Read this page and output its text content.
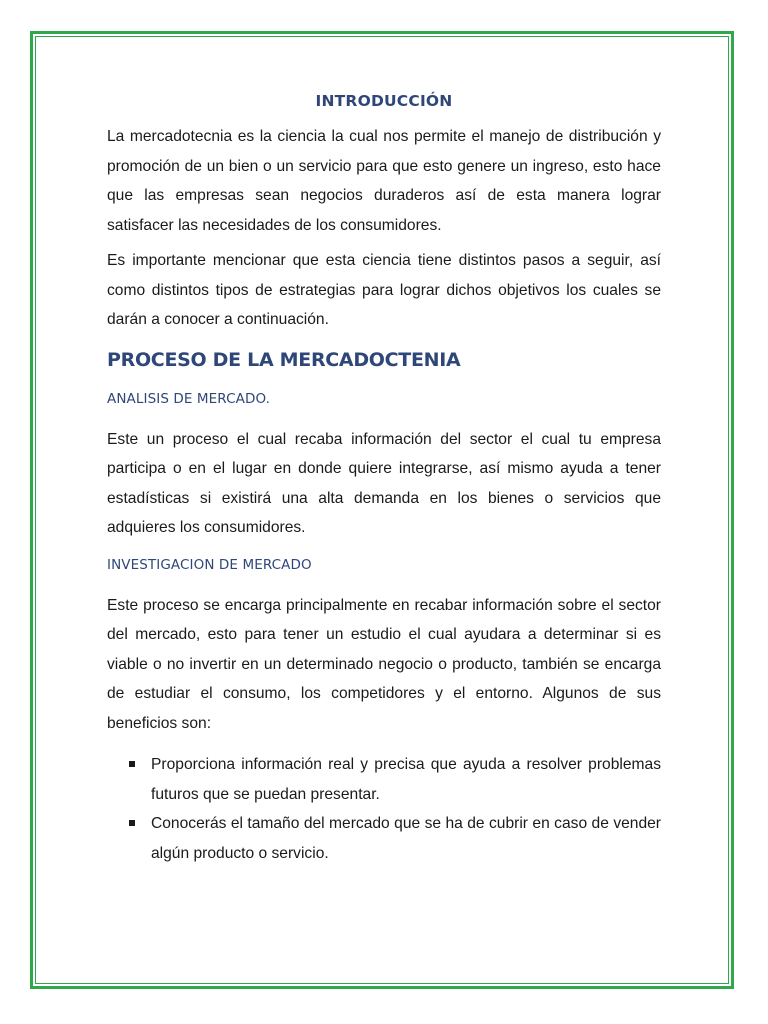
INTRODUCCIÓN

La mercadotecnia es la ciencia la cual nos permite el manejo de distribución y promoción de un bien o un servicio para que esto genere un ingreso, esto hace que las empresas sean negocios duraderos así de esta manera lograr satisfacer las necesidades de los consumidores.

Es importante mencionar que esta ciencia tiene distintos pasos a seguir, así como distintos tipos de estrategias para lograr dichos objetivos los cuales se darán a conocer a continuación.

PROCESO DE LA MERCADOCTENIA
ANALISIS DE MERCADO.

Este un proceso el cual recaba información del sector el cual tu empresa participa o en el lugar en donde quiere integrarse, así mismo ayuda a tener estadísticas si existirá una alta demanda en los bienes o servicios que adquieres los consumidores.

INVESTIGACION DE MERCADO

Este proceso se encarga principalmente en recabar información sobre el sector del mercado, esto para tener un estudio el cual ayudara a determinar si es viable o no invertir en un determinado negocio o producto, también se encarga de estudiar el consumo, los competidores y el entorno. Algunos de sus beneficios son:

Proporciona información real y precisa que ayuda a resolver problemas futuros que se puedan presentar.
Conocerás el tamaño del mercado que se ha de cubrir en caso de vender algún producto o servicio.
